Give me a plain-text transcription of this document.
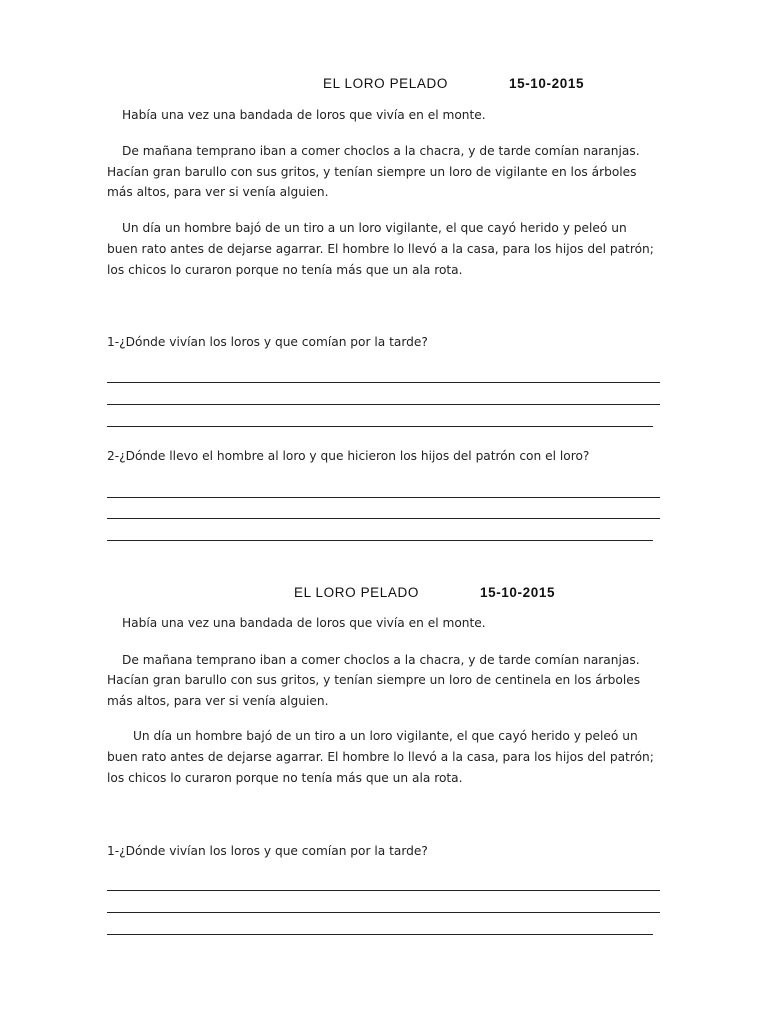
EL LORO PELADO	15-10-2015
Había una vez una bandada de loros que vivía en el monte.
De mañana temprano iban a comer choclos a la chacra, y de tarde comían naranjas.
Hacían gran barullo con sus gritos, y tenían siempre un loro de vigilante en los árboles
más altos, para ver si venía alguien.
Un día un hombre bajó de un tiro a un loro vigilante, el que cayó herido y peleó un
buen rato antes de dejarse agarrar. El hombre lo llevó a la casa, para los hijos del patrón;
los chicos lo curaron porque no tenía más que un ala rota.
1-¿Dónde vivían los loros y que comían por la tarde?
2-¿Dónde llevo el hombre al loro y que hicieron los hijos del patrón con el loro?
EL LORO PELADO	15-10-2015
Había una vez una bandada de loros que vivía en el monte.
De mañana temprano iban a comer choclos a la chacra, y de tarde comían naranjas.
Hacían gran barullo con sus gritos, y tenían siempre un loro de centinela en los árboles
más altos, para ver si venía alguien.
Un día un hombre bajó de un tiro a un loro vigilante, el que cayó herido y peleó un
buen rato antes de dejarse agarrar. El hombre lo llevó a la casa, para los hijos del patrón;
los chicos lo curaron porque no tenía más que un ala rota.
1-¿Dónde vivían los loros y que comían por la tarde?
